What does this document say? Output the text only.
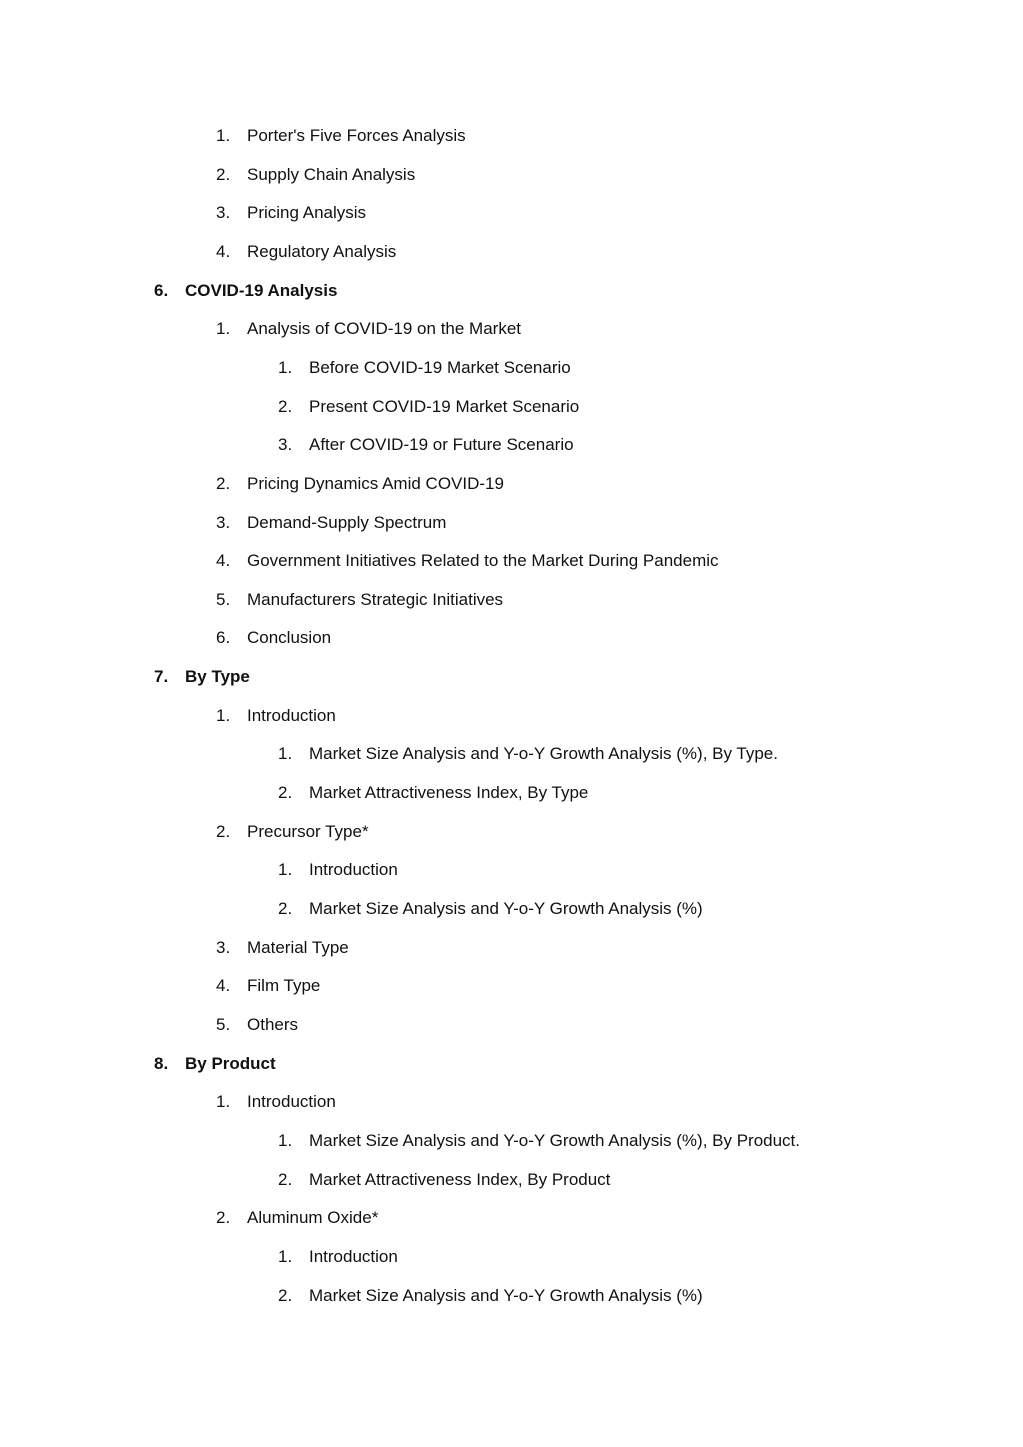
1. Porter's Five Forces Analysis
2. Supply Chain Analysis
3. Pricing Analysis
4. Regulatory Analysis
6. COVID-19 Analysis
1. Analysis of COVID-19 on the Market
1. Before COVID-19 Market Scenario
2. Present COVID-19 Market Scenario
3. After COVID-19 or Future Scenario
2. Pricing Dynamics Amid COVID-19
3. Demand-Supply Spectrum
4. Government Initiatives Related to the Market During Pandemic
5. Manufacturers Strategic Initiatives
6. Conclusion
7. By Type
1. Introduction
1. Market Size Analysis and Y-o-Y Growth Analysis (%), By Type.
2. Market Attractiveness Index, By Type
2. Precursor Type*
1. Introduction
2. Market Size Analysis and Y-o-Y Growth Analysis (%)
3. Material Type
4. Film Type
5. Others
8. By Product
1. Introduction
1. Market Size Analysis and Y-o-Y Growth Analysis (%), By Product.
2. Market Attractiveness Index, By Product
2. Aluminum Oxide*
1. Introduction
2. Market Size Analysis and Y-o-Y Growth Analysis (%)
